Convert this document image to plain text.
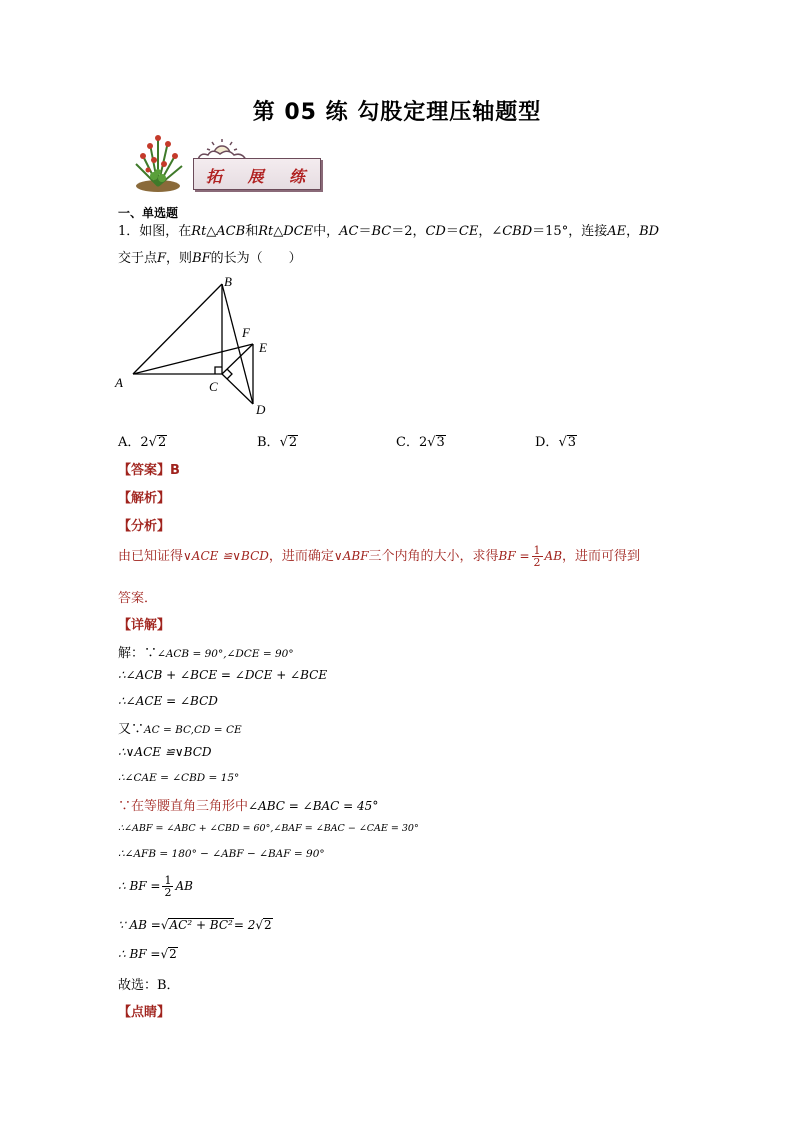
第 05 练 勾股定理压轴题型
拓 展 练
一、单选题
1．如图，在Rt△ACB和Rt△DCE中，AC＝BC＝2，CD＝CE，∠CBD＝15°，连接AE，BD
交于点F，则BF的长为（　　）
A
B
C
D
E
F
A．2√2	B．√2	C．2√3	D．√3
【答案】B
【解析】
【分析】
由已知证得∨ACE ≌∨BCD，进而确定∨ABF三个内角的大小，求得BF = $\frac{1}{2}$ AB，进而可得到
答案．
【详解】
解：∵∠ACB = 90°,∠DCE = 90°
∴∠ACB + ∠BCE = ∠DCE + ∠BCE
∴∠ACE = ∠BCD
又∵AC = BC,CD = CE
∴∨ACE ≌∨BCD
∴∠CAE = ∠CBD = 15°
∵在等腰直角三角形中∠ABC = ∠BAC = 45°
∴∠ABF = ∠ABC + ∠CBD = 60°,∠BAF = ∠BAC − ∠CAE = 30°
∴∠AFB = 180° − ∠ABF − ∠BAF = 90°
∴ BF = $\frac{1}{2}$ AB
∵ AB =√AC² + BC²= 2√2
∴ BF =√2
故选：B．
【点睛】
